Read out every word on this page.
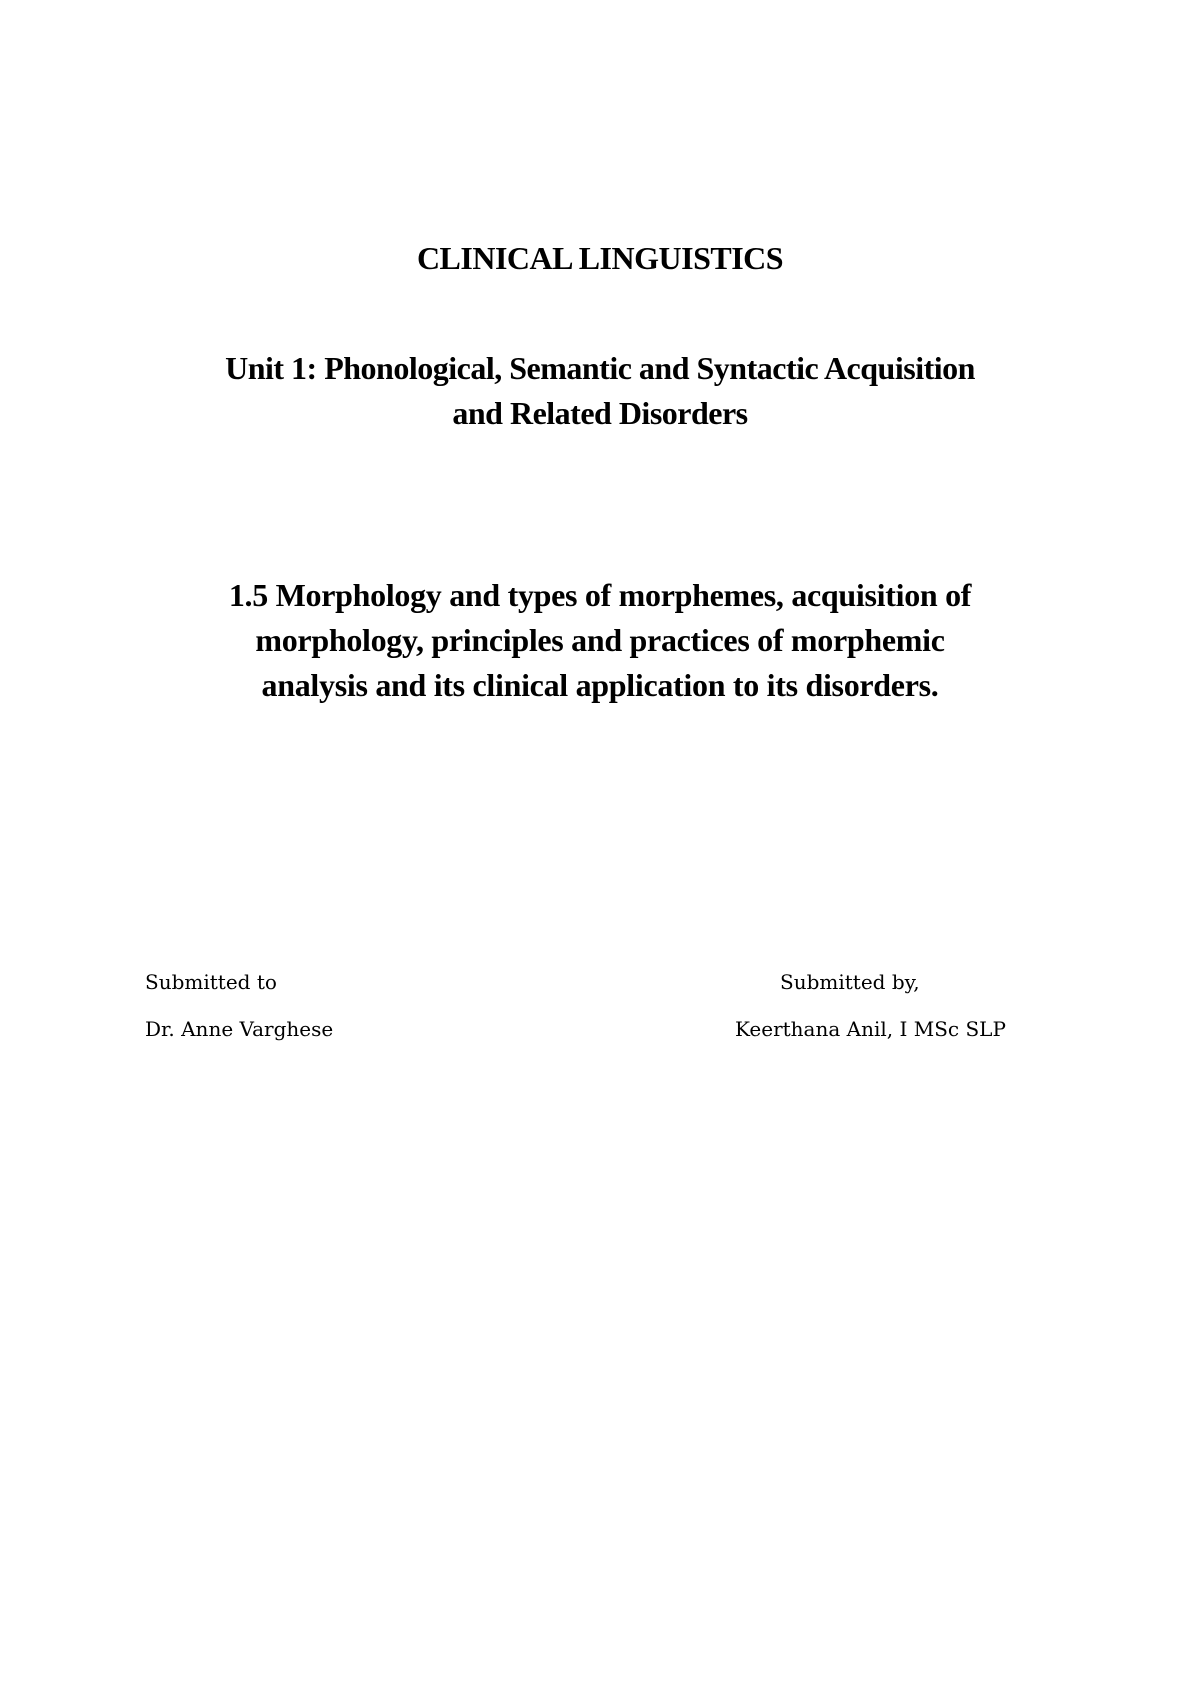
CLINICAL LINGUISTICS
Unit 1: Phonological, Semantic and Syntactic Acquisition
and Related Disorders
1.5 Morphology and types of morphemes, acquisition of
morphology, principles and practices of morphemic
analysis and its clinical application to its disorders.
Submitted to
Dr. Anne Varghese
Submitted by,
Keerthana Anil, I MSc SLP
